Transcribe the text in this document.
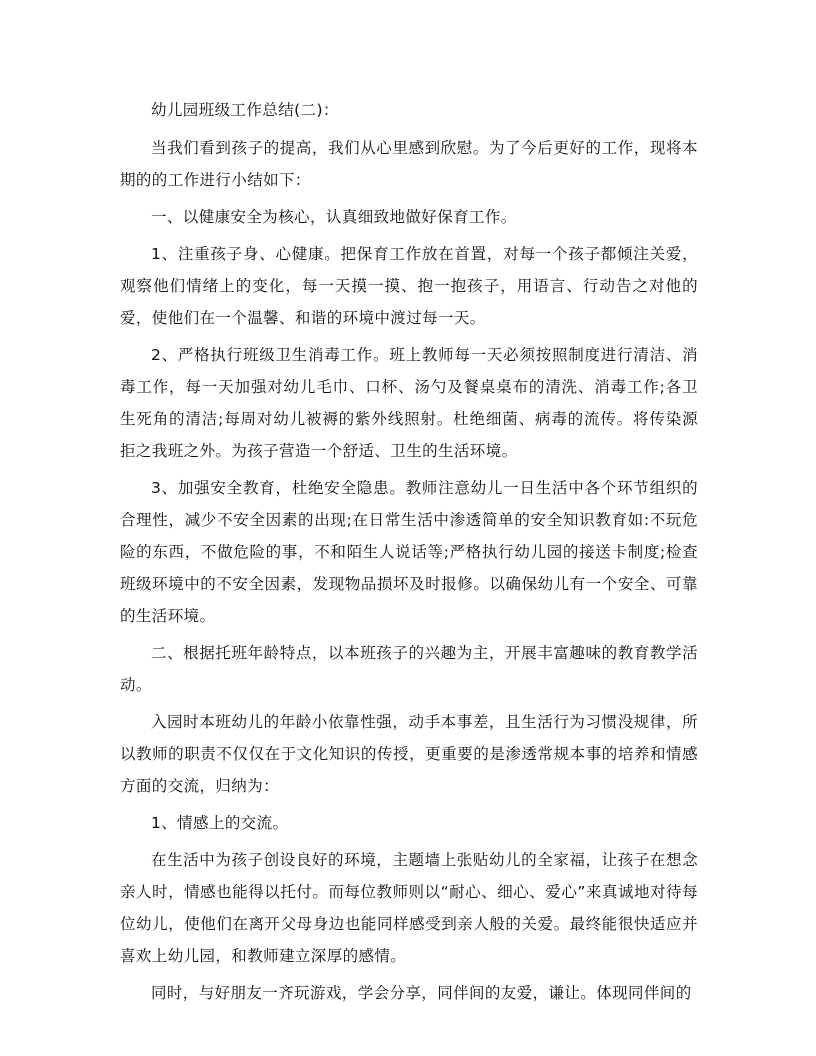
幼儿园班级工作总结(二)：

当我们看到孩子的提高，我们从心里感到欣慰。为了今后更好的工作，现将本期的的工作进行小结如下：

一、以健康安全为核心，认真细致地做好保育工作。

1、注重孩子身、心健康。把保育工作放在首置，对每一个孩子都倾注关爱，观察他们情绪上的变化，每一天摸一摸、抱一抱孩子，用语言、行动告之对他的爱，使他们在一个温馨、和谐的环境中渡过每一天。

2、严格执行班级卫生消毒工作。班上教师每一天必须按照制度进行清洁、消毒工作，每一天加强对幼儿毛巾、口杯、汤勺及餐桌桌布的清洗、消毒工作;各卫生死角的清洁;每周对幼儿被褥的紫外线照射。杜绝细菌、病毒的流传。将传染源拒之我班之外。为孩子营造一个舒适、卫生的生活环境。

3、加强安全教育，杜绝安全隐患。教师注意幼儿一日生活中各个环节组织的合理性，减少不安全因素的出现;在日常生活中渗透简单的安全知识教育如:不玩危险的东西，不做危险的事，不和陌生人说话等;严格执行幼儿园的接送卡制度;检查班级环境中的不安全因素，发现物品损坏及时报修。以确保幼儿有一个安全、可靠的生活环境。

二、根据托班年龄特点，以本班孩子的兴趣为主，开展丰富趣味的教育教学活动。

入园时本班幼儿的年龄小依靠性强，动手本事差，且生活行为习惯没规律，所以教师的职责不仅仅在于文化知识的传授，更重要的是渗透常规本事的培养和情感方面的交流，归纳为：

1、情感上的交流。

在生活中为孩子创设良好的环境，主题墙上张贴幼儿的全家福，让孩子在想念亲人时，情感也能得以托付。而每位教师则以“耐心、细心、爱心”来真诚地对待每位幼儿，使他们在离开父母身边也能同样感受到亲人般的关爱。最终能很快适应并喜欢上幼儿园，和教师建立深厚的感情。

同时，与好朋友一齐玩游戏，学会分享，同伴间的友爱，谦让。体现同伴间的
